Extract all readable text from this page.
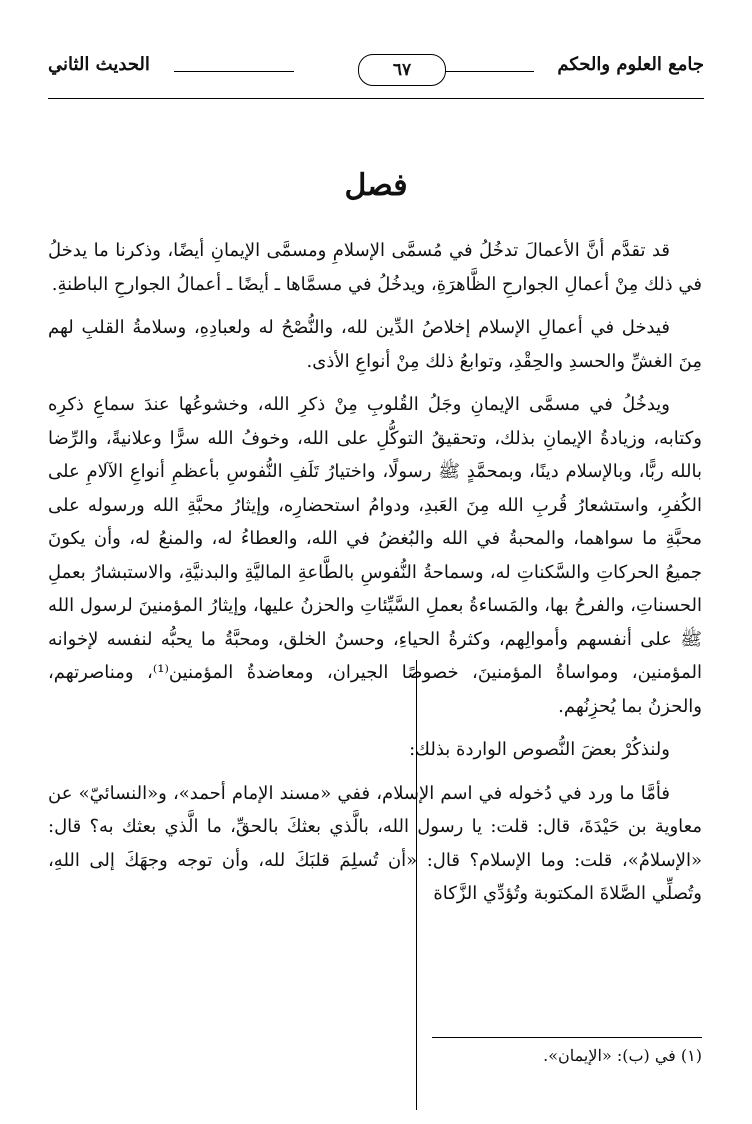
جامع العلوم والحكم
٦٧
الحديث الثاني
فصل

قد تقدَّم أنَّ الأعمالَ تدخُلُ في مُسمَّى الإسلامِ ومسمَّى الإيمانِ أيضًا، وذكرنا ما يدخلُ في ذلك مِنْ أعمالِ الجوارحِ الظَّاهرَةِ، ويدخُلُ في مسمَّاها ـ أيضًا ـ أعمالُ الجوارحِ الباطنةِ.

فيدخل في أعمالِ الإسلام إخلاصُ الدِّين لله، والنُّصْحُ له ولعبادِهِ، وسلامةُ القلبِ لهم مِنَ الغشِّ والحسدِ والحِقْدِ، وتوابعُ ذلك مِنْ أنواعِ الأذى.

ويدخُلُ في مسمَّى الإيمانِ وجَلُ القُلوبِ مِنْ ذكرِ الله، وخشوعُها عندَ سماعِ ذكرِه وكتابه، وزيادةُ الإيمانِ بذلك، وتحقيقُ التوكُّلِ على الله، وخوفُ الله سرًّا وعلانيةً، والرِّضا بالله ربًّا، وبالإسلام دينًا، وبمحمَّدٍ ﷺ رسولًا، واختيارُ تَلَفِ النُّفوسِ بأعظمِ أنواعِ الآلامِ على الكُفرِ، واستشعارُ قُربِ الله مِنَ العَبدِ، ودوامُ استحضارِه، وإيثارُ محبَّةِ الله ورسوله على محبَّةِ ما سواهما، والمحبةُ في الله والبُغضُ في الله، والعطاءُ له، والمنعُ له، وأن يكونَ جميعُ الحركاتِ والسَّكناتِ له، وسماحةُ النُّفوسِ بالطَّاعةِ الماليَّةِ والبدنيَّةِ، والاستبشارُ بعملِ الحسناتِ، والفرحُ بها، والمَساءةُ بعملِ السَّيِّئاتِ والحزنُ عليها، وإيثارُ المؤمنينَ لرسول الله ﷺ على أنفسهم وأموالِهم، وكثرةُ الحياءِ، وحسنُ الخلق، ومحبَّةُ ما يحبُّه لنفسه لإخوانه المؤمنين، ومواساةُ المؤمنينَ، خصوصًا الجيران، ومعاضدةُ المؤمنين⁽¹⁾، ومناصرتهم، والحزنُ بما يُحزِنُهم.

ولنذكُرْ بعضَ النُّصوص الواردة بذلك:

فأمَّا ما ورد في دُخوله في اسم الإسلام، ففي «مسند الإمام أحمد»، و«النسائيّ» عن معاوية بن حَيْدَةَ، قال: قلت: يا رسول الله، بالَّذي بعثكَ بالحقِّ، ما الَّذي بعثك به؟ قال: «الإسلامُ»، قلت: وما الإسلام؟ قال: «أن تُسلِمَ قلبَكَ لله، وأن توجه وجهَكَ إلى اللهِ، وتُصلِّي الصَّلاةَ المكتوبة وتُؤدِّي الزَّكاة

(١) في (ب): «الإيمان».
